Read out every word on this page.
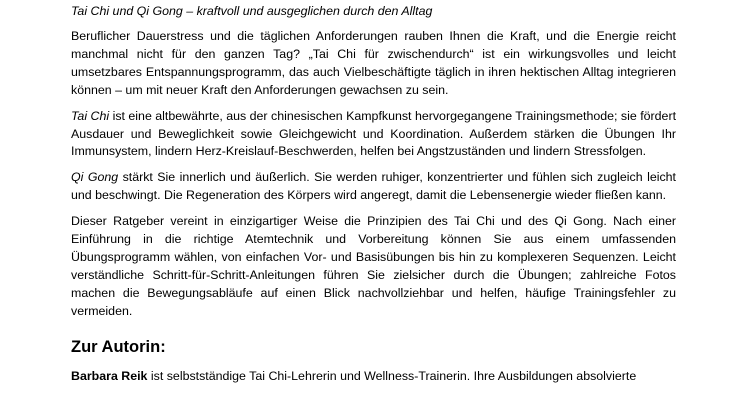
Tai Chi und Qi Gong – kraftvoll und ausgeglichen durch den Alltag

Beruflicher Dauerstress und die täglichen Anforderungen rauben Ihnen die Kraft, und die Energie reicht manchmal nicht für den ganzen Tag? „Tai Chi für zwischendurch“ ist ein wirkungsvolles und leicht umsetzbares Entspannungsprogramm, das auch Vielbeschäftigte täglich in ihren hektischen Alltag integrieren können – um mit neuer Kraft den Anforderungen gewachsen zu sein.

Tai Chi ist eine altbewährte, aus der chinesischen Kampfkunst hervorgegangene Trainingsmethode; sie fördert Ausdauer und Beweglichkeit sowie Gleichgewicht und Koordination. Außerdem stärken die Übungen Ihr Immunsystem, lindern Herz-Kreislauf-Beschwerden, helfen bei Angstzuständen und lindern Stressfolgen.

Qi Gong stärkt Sie innerlich und äußerlich. Sie werden ruhiger, konzentrierter und fühlen sich zugleich leicht und beschwingt. Die Regeneration des Körpers wird angeregt, damit die Lebensenergie wieder fließen kann.

Dieser Ratgeber vereint in einzigartiger Weise die Prinzipien des Tai Chi und des Qi Gong. Nach einer Einführung in die richtige Atemtechnik und Vorbereitung können Sie aus einem umfassenden Übungsprogramm wählen, von einfachen Vor- und Basisübungen bis hin zu komplexeren Sequenzen. Leicht verständliche Schritt-für-Schritt-Anleitungen führen Sie zielsicher durch die Übungen; zahlreiche Fotos machen die Bewegungsabläufe auf einen Blick nachvollziehbar und helfen, häufige Trainingsfehler zu vermeiden.

Zur Autorin:

Barbara Reik ist selbstständige Tai Chi-Lehrerin und Wellness-Trainerin. Ihre Ausbildungen absolvierte
